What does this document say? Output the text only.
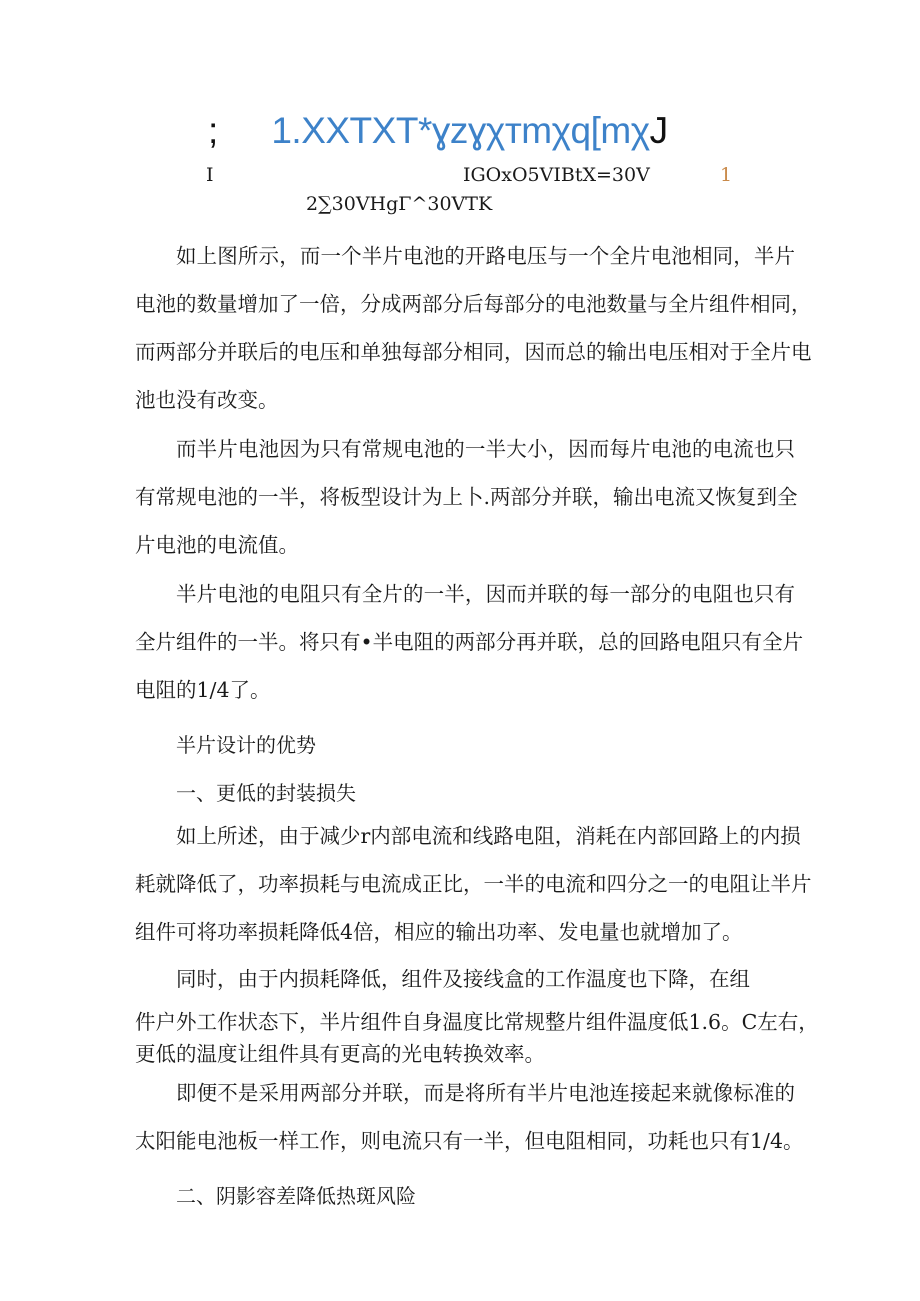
; 1.XXTXT*ɣzɣχтmχq[mχJ
I	IGOxO5VIBtX=30V	1
2∑30VHgΓ^30VTK
如上图所示，而一个半片电池的开路电压与一个全片电池相同，半片
电池的数量增加了一倍，分成两部分后每部分的电池数量与全片组件相同，
而两部分并联后的电压和单独每部分相同，因而总的输出电压相对于全片电
池也没有改变。
而半片电池因为只有常规电池的一半大小，因而每片电池的电流也只
有常规电池的一半，将板型设计为上卜.两部分并联，输出电流又恢复到全
片电池的电流值。
半片电池的电阻只有全片的一半，因而并联的每一部分的电阻也只有
全片组件的一半。将只有•半电阻的两部分再并联，总的回路电阻只有全片
电阻的1/4了。
半片设计的优势
一、更低的封装损失
如上所述，由于减少r内部电流和线路电阻，消耗在内部回路上的内损
耗就降低了，功率损耗与电流成正比，一半的电流和四分之一的电阻让半片
组件可将功率损耗降低4倍，相应的输出功率、发电量也就增加了。
同时，由于内损耗降低，组件及接线盒的工作温度也下降，在组
件户外工作状态下，半片组件自身温度比常规整片组件温度低1.6。C左右，
更低的温度让组件具有更高的光电转换效率。
即便不是采用两部分并联，而是将所有半片电池连接起来就像标准的
太阳能电池板一样工作，则电流只有一半，但电阻相同，功耗也只有1/4。
二、阴影容差降低热斑风险
